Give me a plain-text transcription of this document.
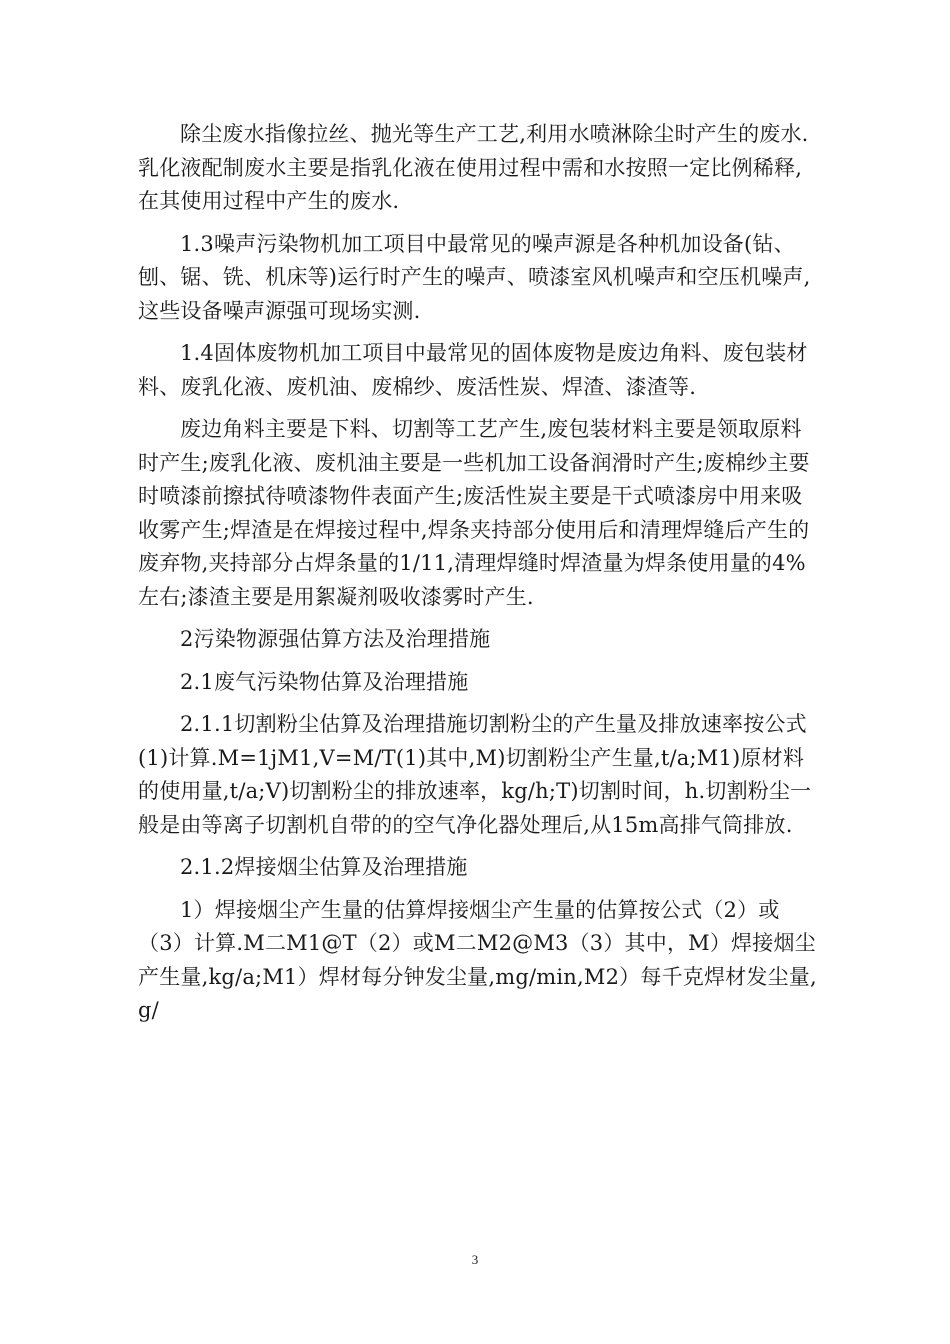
除尘废水指像拉丝、抛光等生产工艺,利用水喷淋除尘时产生的废水.乳化液配制废水主要是指乳化液在使用过程中需和水按照一定比例稀释,在其使用过程中产生的废水.

1.3噪声污染物机加工项目中最常见的噪声源是各种机加设备(钻、刨、锯、铣、机床等)运行时产生的噪声、喷漆室风机噪声和空压机噪声,这些设备噪声源强可现场实测.

1.4固体废物机加工项目中最常见的固体废物是废边角料、废包装材料、废乳化液、废机油、废棉纱、废活性炭、焊渣、漆渣等.

废边角料主要是下料、切割等工艺产生,废包装材料主要是领取原料时产生;废乳化液、废机油主要是一些机加工设备润滑时产生;废棉纱主要时喷漆前擦拭待喷漆物件表面产生;废活性炭主要是干式喷漆房中用来吸收雾产生;焊渣是在焊接过程中,焊条夹持部分使用后和清理焊缝后产生的废弃物,夹持部分占焊条量的1/11,清理焊缝时焊渣量为焊条使用量的4%左右;漆渣主要是用絮凝剂吸收漆雾时产生.

2污染物源强估算方法及治理措施

2.1废气污染物估算及治理措施

2.1.1切割粉尘估算及治理措施切割粉尘的产生量及排放速率按公式(1)计算.M=1jM1,V=M/T(1)其中,M)切割粉尘产生量,t/a;M1)原材料的使用量,t/a;V)切割粉尘的排放速率，kg/h;T)切割时间，h.切割粉尘一般是由等离子切割机自带的的空气净化器处理后,从15m高排气筒排放.

2.1.2焊接烟尘估算及治理措施

1）焊接烟尘产生量的估算焊接烟尘产生量的估算按公式（2）或（3）计算.M二M1@T（2）或M二M2@M3（3）其中，M）焊接烟尘产生量,kg/a;M1）焊材每分钟发尘量,mg/min,M2）每千克焊材发尘量,g/

3
